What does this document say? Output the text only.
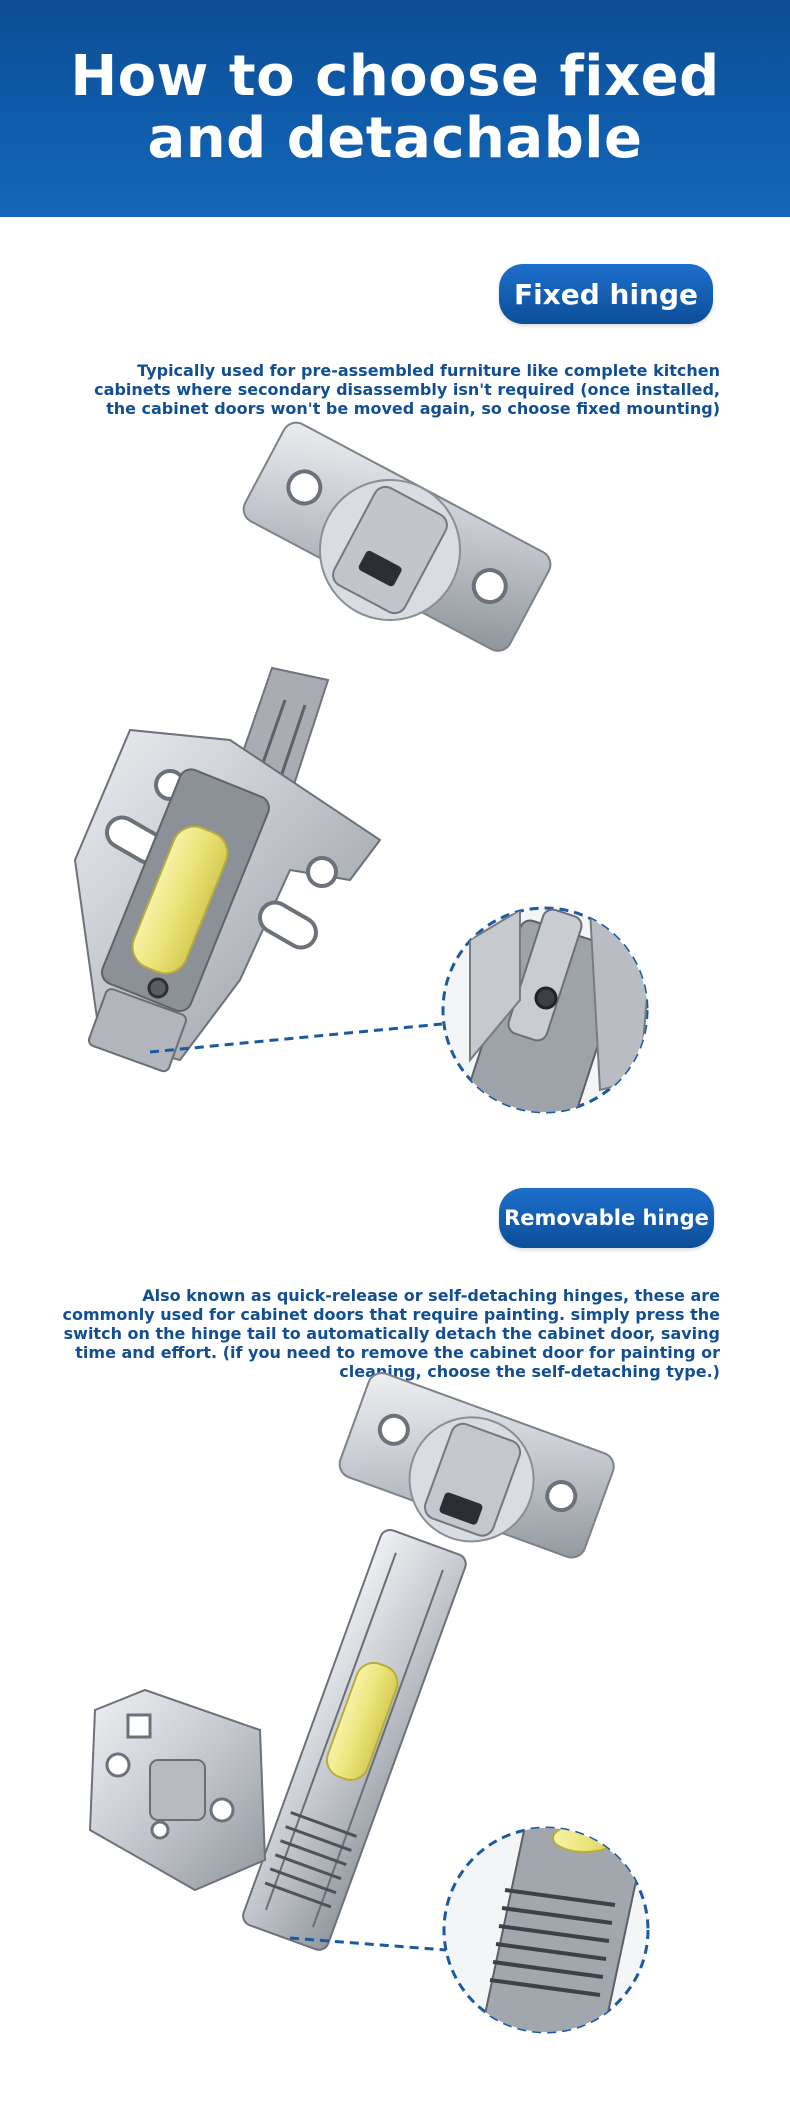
How to choose fixed and detachable
Fixed hinge
Typically used for pre-assembled furniture like complete kitchen cabinets where secondary disassembly isn't required (once installed, the cabinet doors won't be moved again, so choose fixed mounting)
Removable hinge
Also known as quick-release or self-detaching hinges, these are commonly used for cabinet doors that require painting. simply press the switch on the hinge tail to automatically detach the cabinet door, saving time and effort. (if you need to remove the cabinet door for painting or cleaning, choose the self-detaching type.)
